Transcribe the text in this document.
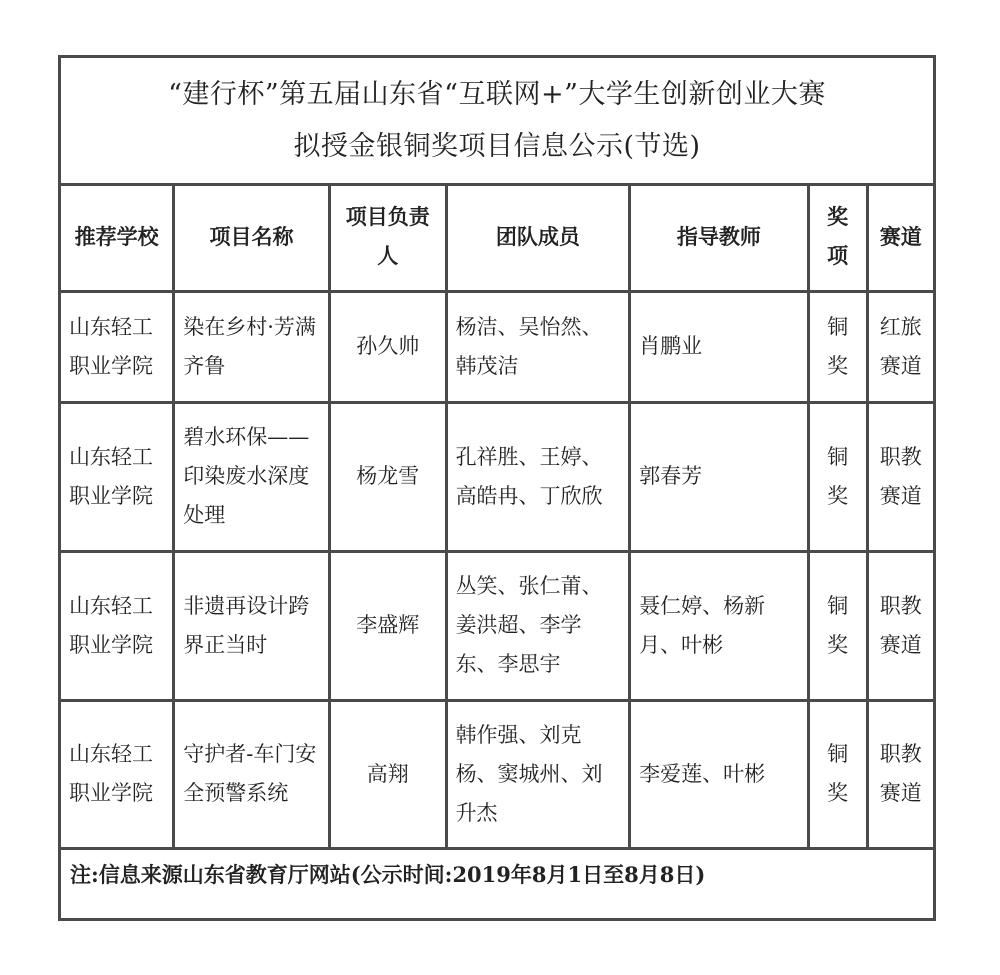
“建行杯”第五届山东省“互联网+”大学生创新创业大赛
拟授金银铜奖项目信息公示(节选)
推荐学校	项目名称	项目负责人	团队成员	指导教师	奖项	赛道
山东轻工职业学院	染在乡村·芳满齐鲁	孙久帅	杨洁、吴怡然、韩茂洁	肖鹏业	铜奖	红旅赛道
山东轻工职业学院	碧水环保——印染废水深度处理	杨龙雪	孔祥胜、王婷、高皓冉、丁欣欣	郭春芳	铜奖	职教赛道
山东轻工职业学院	非遗再设计跨界正当时	李盛辉	丛笑、张仁莆、姜洪超、李学东、李思宇	聂仁婷、杨新月、叶彬	铜奖	职教赛道
山东轻工职业学院	守护者-车门安全预警系统	高翔	韩作强、刘克杨、窦城州、刘升杰	李爱莲、叶彬	铜奖	职教赛道
注:信息来源山东省教育厅网站(公示时间:2019年8月1日至8月8日)
